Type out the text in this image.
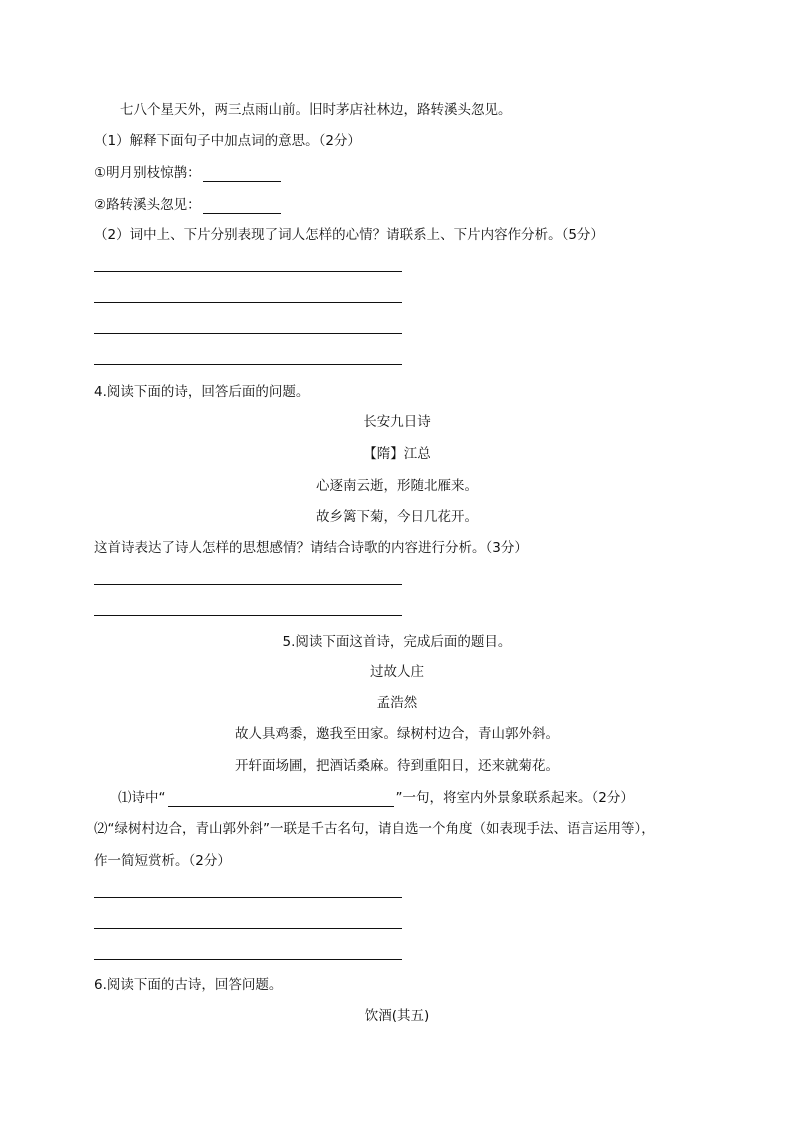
七八个星天外，两三点雨山前。旧时茅店社林边，路转溪头忽见。
（1）解释下面句子中加点词的意思。（2分）
①明月别枝惊鹊：
②路转溪头忽见：
（2）词中上、下片分别表现了词人怎样的心情？请联系上、下片内容作分析。（5分）
4.阅读下面的诗，回答后面的问题。
长安九日诗
【隋】江总
心逐南云逝，形随北雁来。
故乡篱下菊，今日几花开。
这首诗表达了诗人怎样的思想感情？请结合诗歌的内容进行分析。（3分）
5.阅读下面这首诗，完成后面的题目。
过故人庄
孟浩然
故人具鸡黍，邀我至田家。绿树村边合，青山郭外斜。
开轩面场圃，把酒话桑麻。待到重阳日，还来就菊花。
⑴诗中“	”一句，将室内外景象联系起来。（2分）
⑵“绿树村边合，青山郭外斜”一联是千古名句，请自选一个角度（如表现手法、语言运用等），
作一简短赏析。（2分）
6.阅读下面的古诗，回答问题。
饮酒(其五)
